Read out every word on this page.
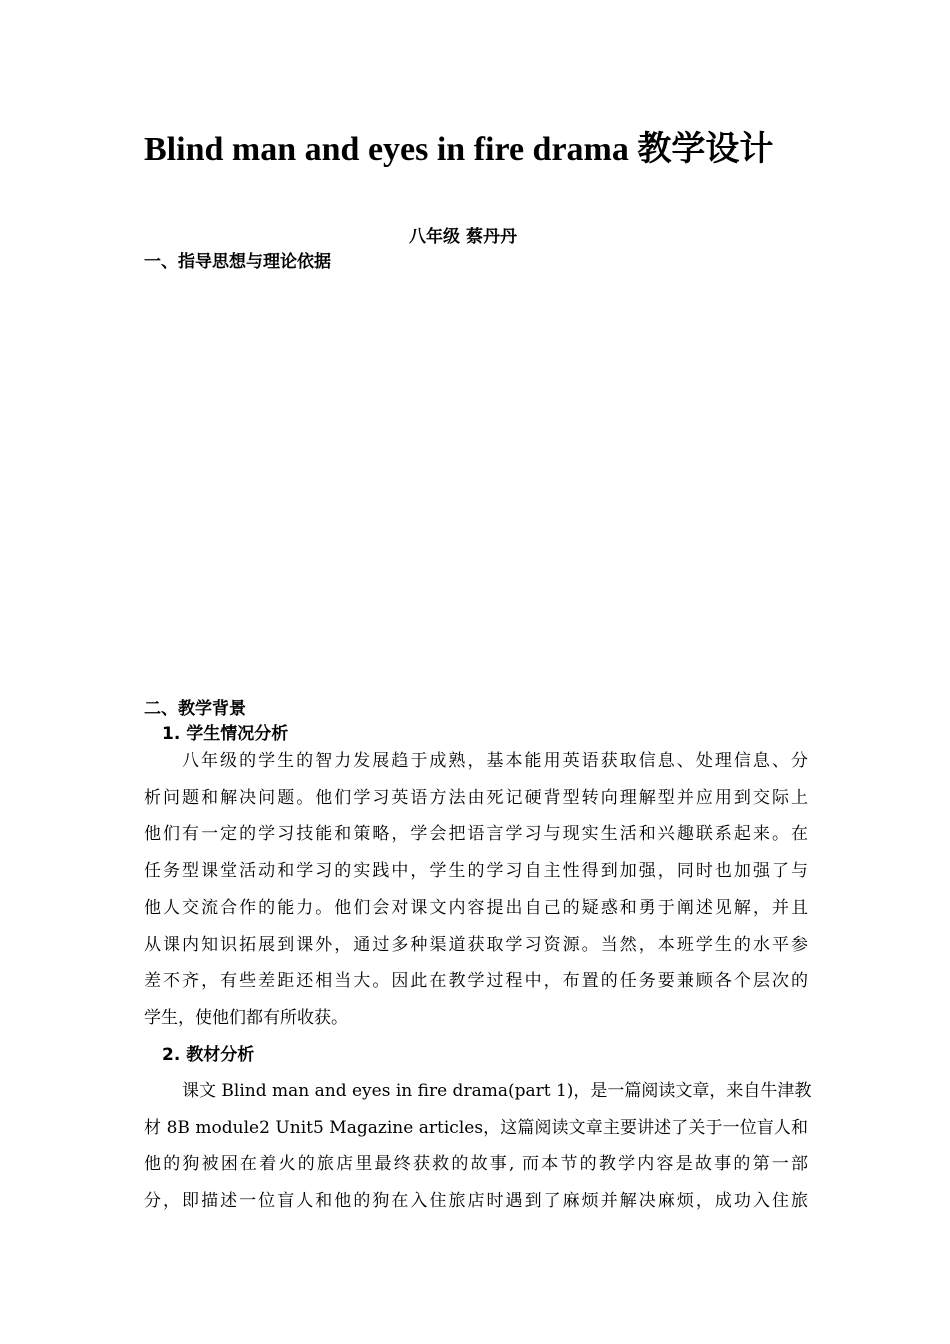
Blind man and eyes in fire drama 教学设计
八年级 蔡丹丹
一、指导思想与理论依据
二、教学背景
1. 学生情况分析
八年级的学生的智力发展趋于成熟，基本能用英语获取信息、处理信息、分
析问题和解决问题。他们学习英语方法由死记硬背型转向理解型并应用到交际上
他们有一定的学习技能和策略，学会把语言学习与现实生活和兴趣联系起来。在
任务型课堂活动和学习的实践中，学生的学习自主性得到加强，同时也加强了与
他人交流合作的能力。他们会对课文内容提出自己的疑惑和勇于阐述见解，并且
从课内知识拓展到课外，通过多种渠道获取学习资源。当然，本班学生的水平参
差不齐，有些差距还相当大。因此在教学过程中，布置的任务要兼顾各个层次的
学生，使他们都有所收获。
2. 教材分析
课文 Blind man and eyes in fire drama(part 1)，是一篇阅读文章，来自牛津教
材 8B module2 Unit5 Magazine articles，这篇阅读文章主要讲述了关于一位盲人和
他的狗被困在着火的旅店里最终获救的故事, 而本节的教学内容是故事的第一部
分，即描述一位盲人和他的狗在入住旅店时遇到了麻烦并解决麻烦，成功入住旅
